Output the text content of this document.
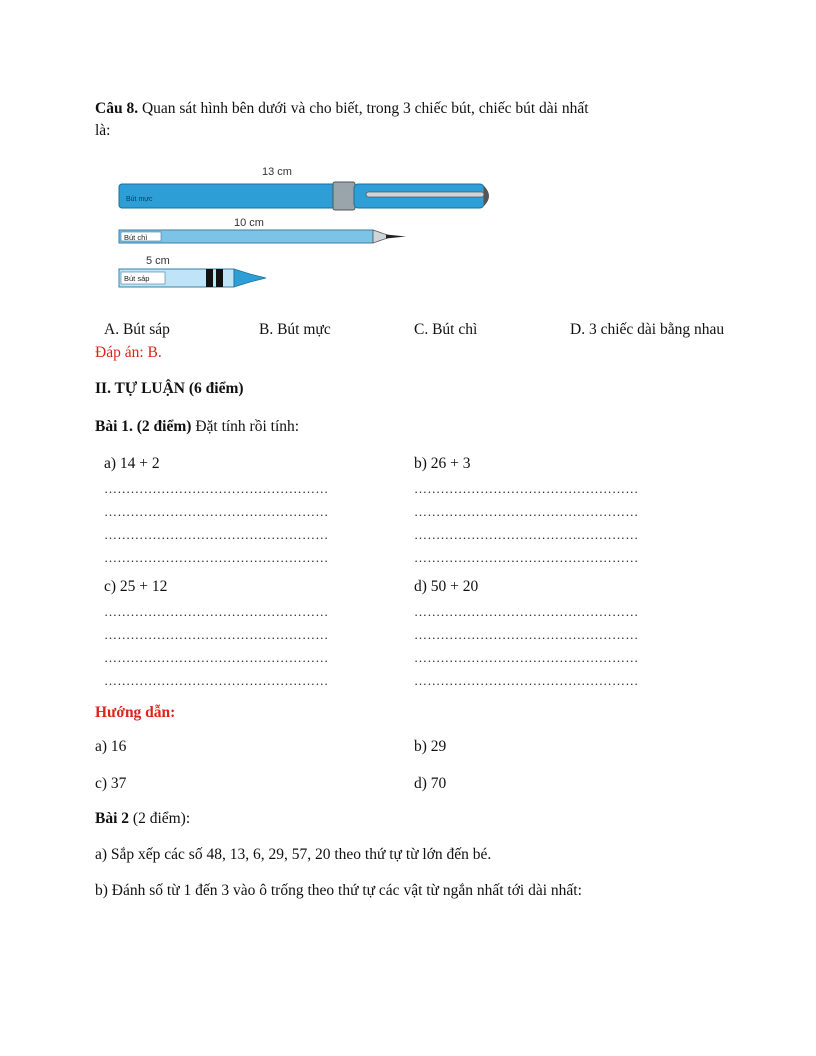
Câu 8. Quan sát hình bên dưới và cho biết, trong 3 chiếc bút, chiếc bút dài nhất
là:
13 cm
Bút mực
10 cm
Bút chì
5 cm
Bút sáp
A. Bút sáp	B. Bút mực	C. Bút chì	D. 3 chiếc dài bằng nhau
Đáp án: B.
II. TỰ LUẬN (6 điểm)
Bài 1. (2 điểm) Đặt tính rồi tính:
a) 14 + 2	b) 26 + 3
……………………………………………	……………………………………………
……………………………………………	……………………………………………
……………………………………………	……………………………………………
……………………………………………	……………………………………………
c) 25 + 12	d) 50 + 20
……………………………………………	……………………………………………
……………………………………………	……………………………………………
……………………………………………	……………………………………………
……………………………………………	……………………………………………
Hướng dẫn:
a) 16	b) 29
c) 37	d) 70
Bài 2 (2 điểm):
a) Sắp xếp các số 48, 13, 6, 29, 57, 20 theo thứ tự từ lớn đến bé.
b) Đánh số từ 1 đến 3 vào ô trống theo thứ tự các vật từ ngắn nhất tới dài nhất:
